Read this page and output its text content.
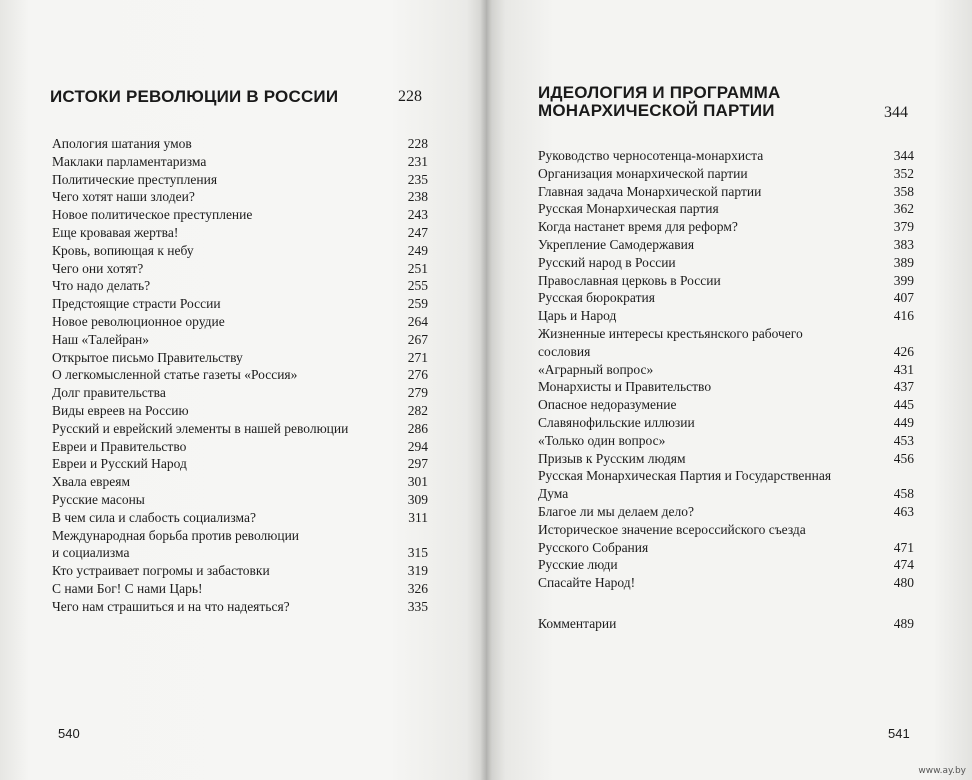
ИСТОКИ РЕВОЛЮЦИИ В РОССИИ	228
Апология шатания умов	228
Маклаки парламентаризма	231
Политические преступления	235
Чего хотят наши злодеи?	238
Новое политическое преступление	243
Еще кровавая жертва!	247
Кровь, вопиющая к небу	249
Чего они хотят?	251
Что надо делать?	255
Предстоящие страсти России	259
Новое революционное орудие	264
Наш «Талейран»	267
Открытое письмо Правительству	271
О легкомысленной статье газеты «Россия»	276
Долг правительства	279
Виды евреев на Россию	282
Русский и еврейский элементы в нашей революции	286
Евреи и Правительство	294
Евреи и Русский Народ	297
Хвала евреям	301
Русские масоны	309
В чем сила и слабость социализма?	311
Международная борьба против революции
и социализма	315
Кто устраивает погромы и забастовки	319
С нами Бог! С нами Царь!	326
Чего нам страшиться и на что надеяться?	335
540
ИДЕОЛОГИЯ И ПРОГРАММА
МОНАРХИЧЕСКОЙ ПАРТИИ	344
Руководство черносотенца-монархиста	344
Организация монархической партии	352
Главная задача Монархической партии	358
Русская Монархическая партия	362
Когда настанет время для реформ?	379
Укрепление Самодержавия	383
Русский народ в России	389
Православная церковь в России	399
Русская бюрократия	407
Царь и Народ	416
Жизненные интересы крестьянскогo рабочего
сословия	426
«Аграрный вопрос»	431
Монархисты и Правительство	437
Опасное недоразумение	445
Славянофильские иллюзии	449
«Только один вопрос»	453
Призыв к Русским людям	456
Русская Монархическая Партия и Государственная
Дума	458
Благое ли мы делаем дело?	463
Историческое значение всероссийского съезда
Русского Собрания	471
Русские люди	474
Спасайте Народ!	480
Комментарии	489
541
www.ay.by
